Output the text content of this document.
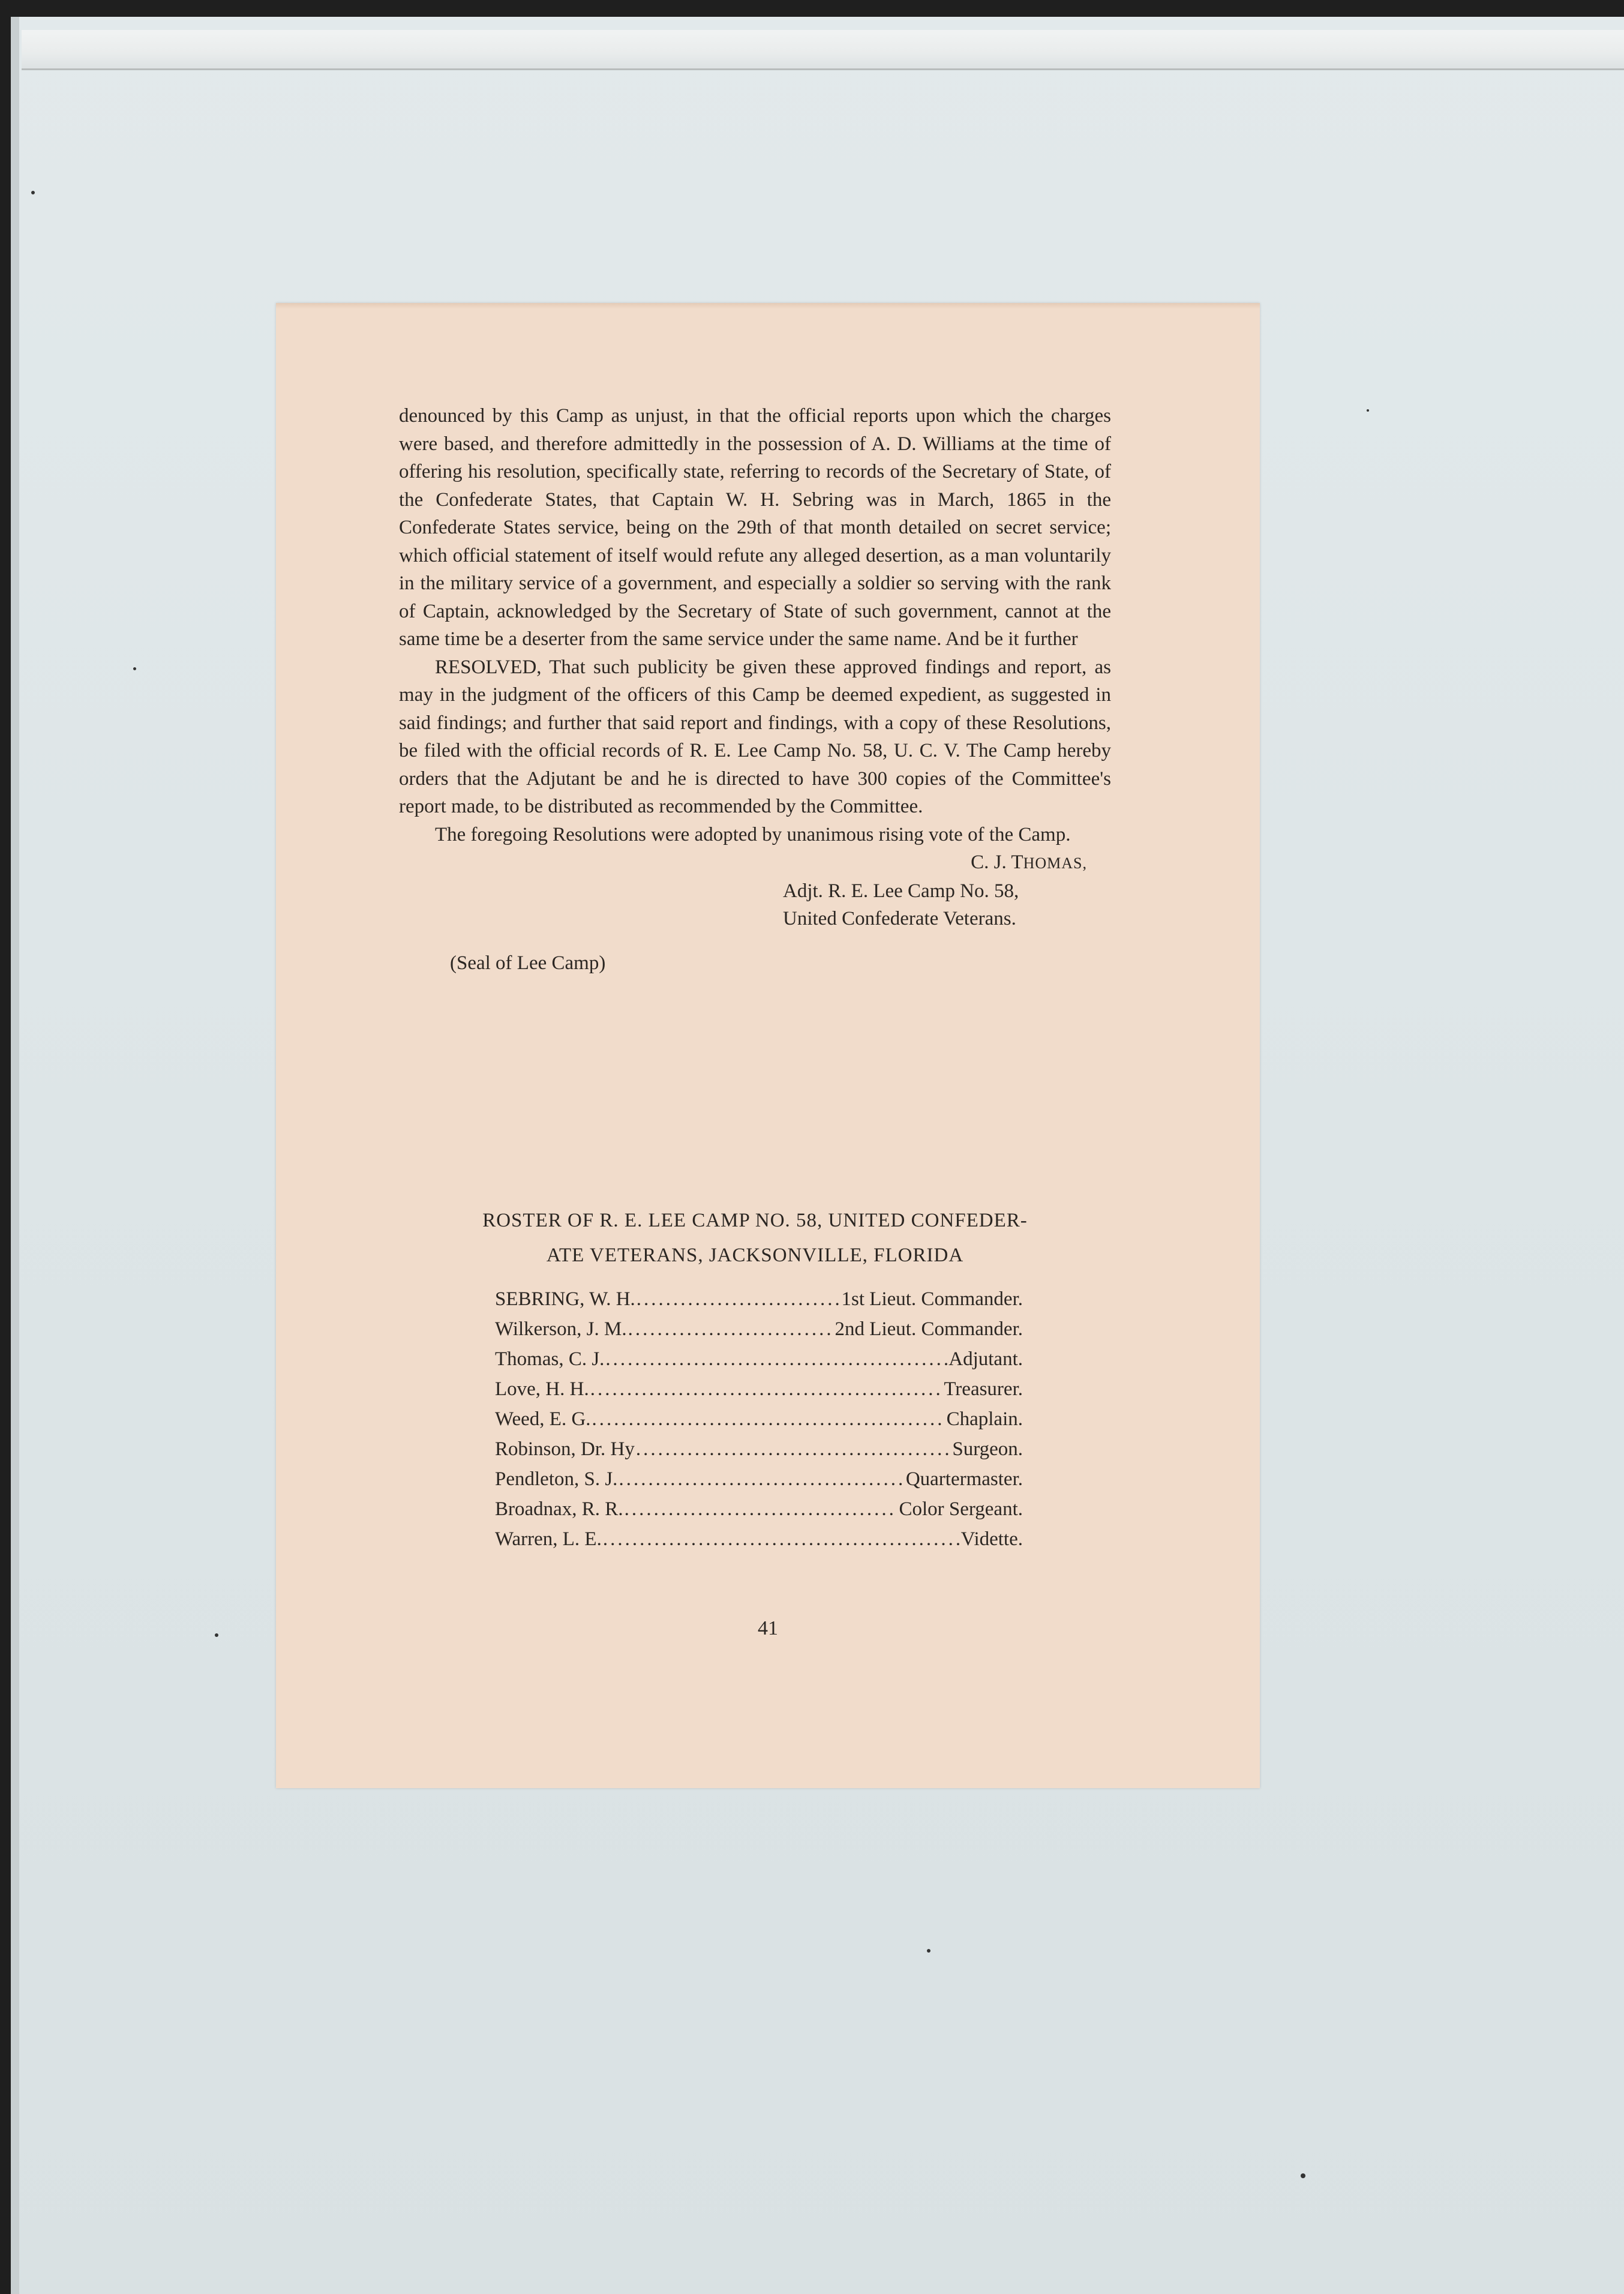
denounced by this Camp as unjust, in that the official reports upon which the charges were based, and therefore admittedly in the possession of A. D. Williams at the time of offering his resolution, specifically state, referring to records of the Secretary of State, of the Confederate States, that Captain W. H. Sebring was in March, 1865 in the Confederate States service, being on the 29th of that month detailed on secret service; which official statement of itself would refute any alleged desertion, as a man voluntarily in the military service of a government, and especially a soldier so serving with the rank of Captain, acknowledged by the Secretary of State of such government, cannot at the same time be a deserter from the same service under the same name. And be it further

RESOLVED, That such publicity be given these approved findings and report, as may in the judgment of the officers of this Camp be deemed expedient, as suggested in said findings; and further that said report and findings, with a copy of these Resolutions, be filed with the official records of R. E. Lee Camp No. 58, U. C. V. The Camp hereby orders that the Adjutant be and he is directed to have 300 copies of the Committee's report made, to be distributed as recommended by the Committee.

The foregoing Resolutions were adopted by unanimous rising vote of the Camp.

C. J. THOMAS,
Adjt. R. E. Lee Camp No. 58,
United Confederate Veterans.
(Seal of Lee Camp)
ROSTER OF R. E. LEE CAMP NO. 58, UNITED CONFEDER-
ATE VETERANS, JACKSONVILLE, FLORIDA
SEBRING, W. H. .....	1st Lieut. Commander.
Wilkerson, J. M. .....	2nd Lieut. Commander.
Thomas, C. J. .....	Adjutant.
Love, H. H. .....	Treasurer.
Weed, E. G. .....	Chaplain.
Robinson, Dr. Hy .....	Surgeon.
Pendleton, S. J. .....	Quartermaster.
Broadnax, R. R. .....	Color Sergeant.
Warren, L. E. .....	Vidette.
41
